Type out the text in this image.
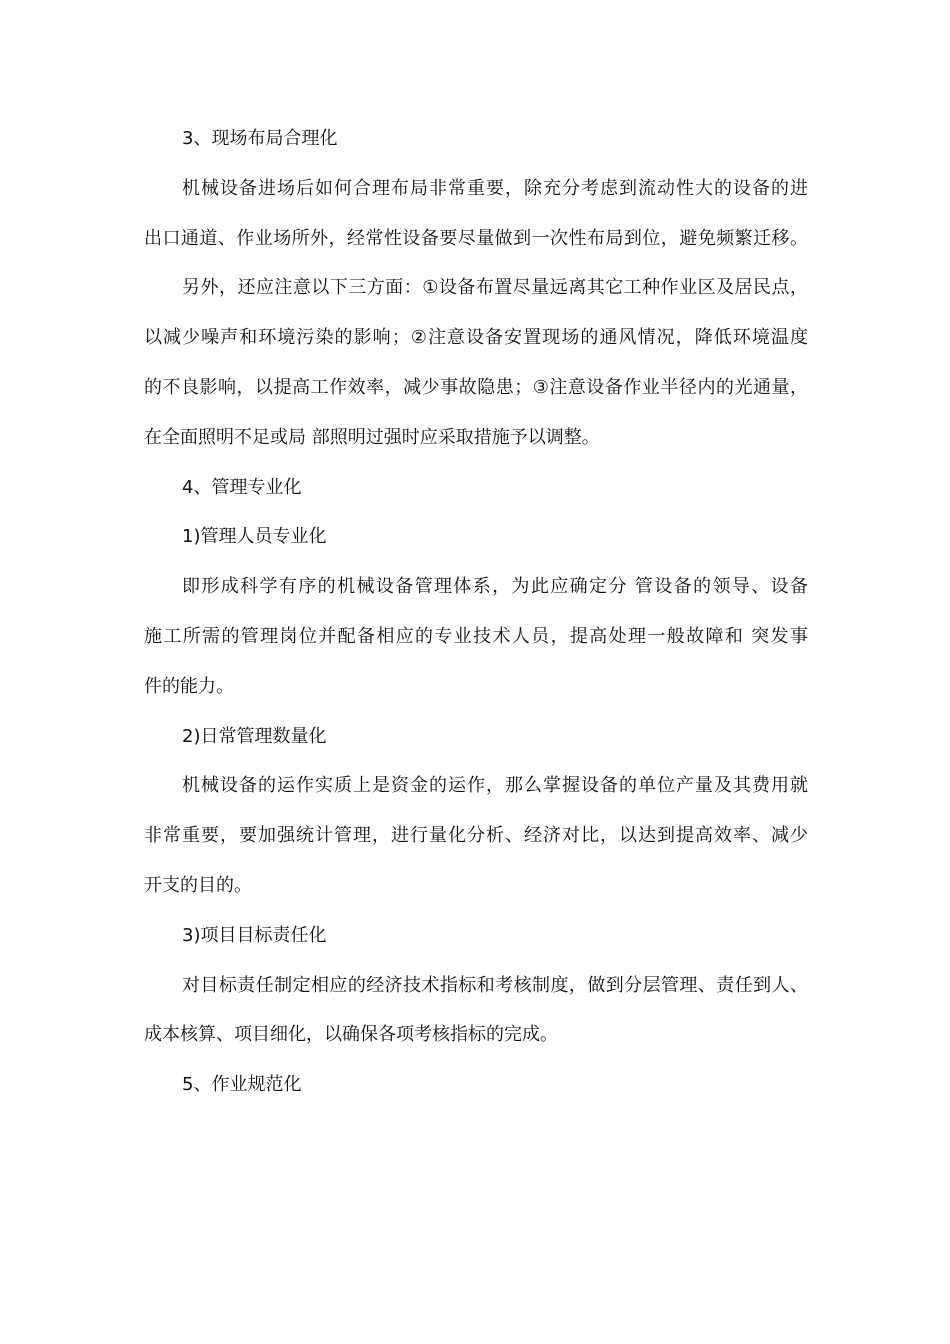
3、现场布局合理化
机械设备进场后如何合理布局非常重要，除充分考虑到流动性大的设备的进
出口通道、作业场所外，经常性设备要尽量做到一次性布局到位，避免频繁迁移。
另外，还应注意以下三方面：①设备布置尽量远离其它工种作业区及居民点，
以减少噪声和环境污染的影响；②注意设备安置现场的通风情况，降低环境温度
的不良影响，以提高工作效率，减少事故隐患；③注意设备作业半径内的光通量，
在全面照明不足或局 部照明过强时应采取措施予以调整。
4、管理专业化
1)管理人员专业化
即形成科学有序的机械设备管理体系，为此应确定分 管设备的领导、设备
施工所需的管理岗位并配备相应的专业技术人员，提高处理一般故障和 突发事
件的能力。
2)日常管理数量化
机械设备的运作实质上是资金的运作，那么掌握设备的单位产量及其费用就
非常重要，要加强统计管理，进行量化分析、经济对比，以达到提高效率、减少
开支的目的。
3)项目目标责任化
对目标责任制定相应的经济技术指标和考核制度，做到分层管理、责任到人、
成本核算、项目细化，以确保各项考核指标的完成。
5、作业规范化
